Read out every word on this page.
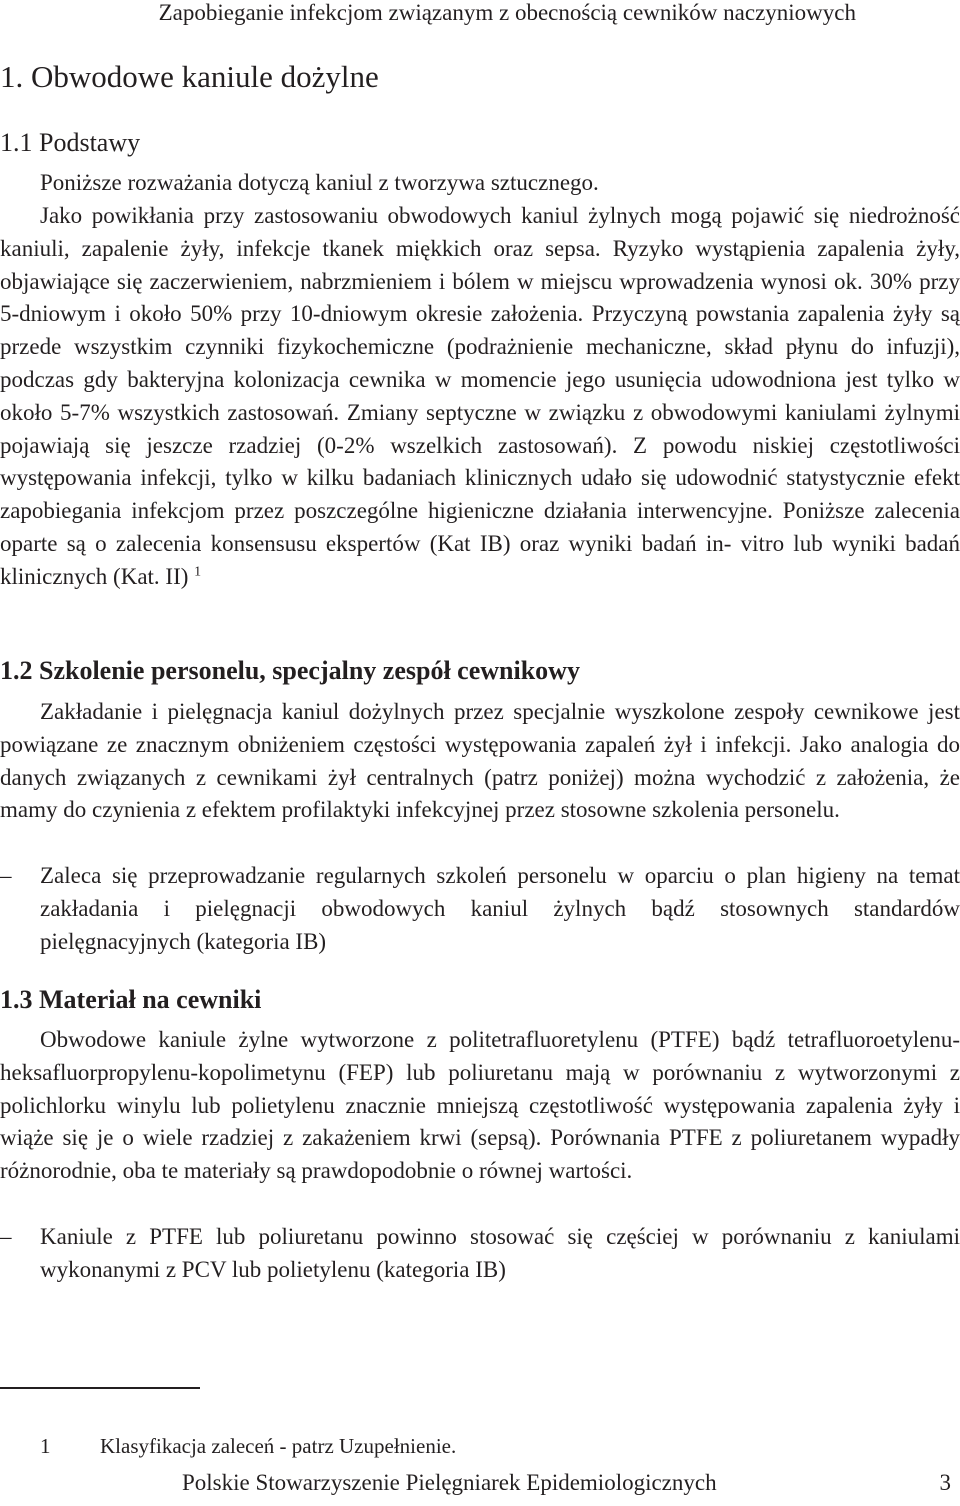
Zapobieganie infekcjom związanym z obecnością cewników naczyniowych
1. Obwodowe kaniule dożylne
1.1 Podstawy
Poniższe rozważania dotyczą kaniul z tworzywa sztucznego.
Jako powikłania przy zastosowaniu obwodowych kaniul żylnych mogą pojawić się niedrożność kaniuli, zapalenie żyły, infekcje tkanek miękkich oraz sepsa. Ryzyko wystąpienia zapalenia żyły, objawiające się zaczerwieniem, nabrzmieniem i bólem w miejscu wprowadzenia wynosi ok. 30% przy 5-dniowym i około 50% przy 10-dniowym okresie założenia. Przyczyną powstania zapalenia żyły są przede wszystkim czynniki fizykochemiczne (podrażnienie mechaniczne, skład płynu do infuzji), podczas gdy bakteryjna kolonizacja cewnika w momencie jego usunięcia udowodniona jest tylko w około 5-7% wszystkich zastosowań. Zmiany septyczne w związku z obwodowymi kaniulami żylnymi pojawiają się jeszcze rzadziej (0-2% wszelkich zastosowań). Z powodu niskiej częstotliwości występowania infekcji, tylko w kilku badaniach klinicznych udało się udowodnić statystycznie efekt zapobiegania infekcjom przez poszczególne higieniczne działania interwencyjne. Poniższe zalecenia oparte są o zalecenia konsensusu ekspertów (Kat IB) oraz wyniki badań in- vitro lub wyniki badań klinicznych (Kat. II) $^1$
1.2 Szkolenie personelu, specjalny zespół cewnikowy
Zakładanie i pielęgnacja kaniul dożylnych przez specjalnie wyszkolone zespoły cewnikowe jest powiązane ze znacznym obniżeniem częstości występowania zapaleń żył i infekcji. Jako analogia do danych związanych z cewnikami żył centralnych (patrz poniżej) można wychodzić z założenia, że mamy do czynienia z efektem profilaktyki infekcyjnej przez stosowne szkolenia personelu.
–	Zaleca się przeprowadzanie regularnych szkoleń personelu w oparciu o plan higieny na temat zakładania i pielęgnacji obwodowych kaniul żylnych bądź stosownych standardów pielęgnacyjnych (kategoria IB)
1.3 Materiał na cewniki
Obwodowe kaniule żylne wytworzone z politetrafluoretylenu (PTFE) bądź tetrafluoroetylenu-heksafluorpropylenu-kopolimetynu (FEP) lub poliuretanu mają w porównaniu z wytworzonymi z polichlorku winylu lub polietylenu znacznie mniejszą częstotliwość występowania zapalenia żyły i wiąże się je o wiele rzadziej z zakażeniem krwi (sepsą). Porównania PTFE z poliuretanem wypadły różnorodnie, oba te materiały są prawdopodobnie o równej wartości.
–	Kaniule z PTFE lub poliuretanu powinno stosować się częściej w porównaniu z kaniulami wykonanymi z PCV lub polietylenu (kategoria IB)
1 Klasyfikacja zaleceń - patrz Uzupełnienie.
Polskie Stowarzyszenie Pielęgniarek Epidemiologicznych	3
